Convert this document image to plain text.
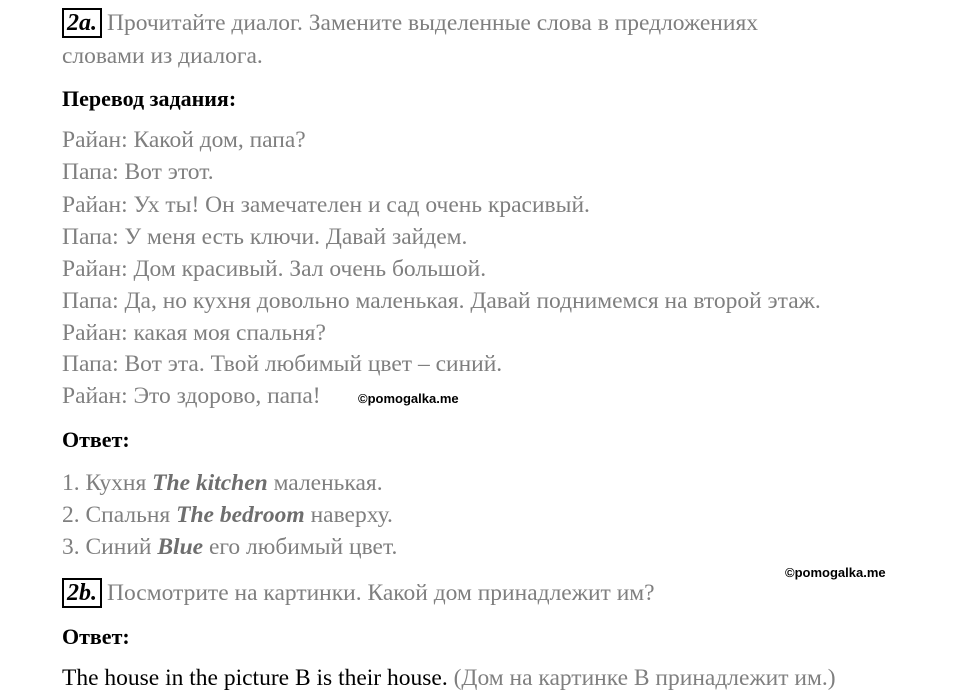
2a. Прочитайте диалог. Замените выделенные слова в предложениях
словами из диалога.
Перевод задания:
Райан: Какой дом, папа?
Папа: Вот этот.
Райан: Ух ты! Он замечателен и сад очень красивый.
Папа: У меня есть ключи. Давай зайдем.
Райан: Дом красивый. Зал очень большой.
Папа: Да, но кухня довольно маленькая. Давай поднимемся на второй этаж.
Райан: какая моя спальня?
Папа: Вот эта. Твой любимый цвет – синий.
Райан: Это здорово, папа!	©pomogalka.me
Ответ:
1. Кухня The kitchen маленькая.
2. Спальня The bedroom наверху.
3. Синий Blue его любимый цвет.
©pomogalka.me
2b. Посмотрите на картинки. Какой дом принадлежит им?
Ответ:
The house in the picture B is their house. (Дом на картинке В принадлежит им.)
